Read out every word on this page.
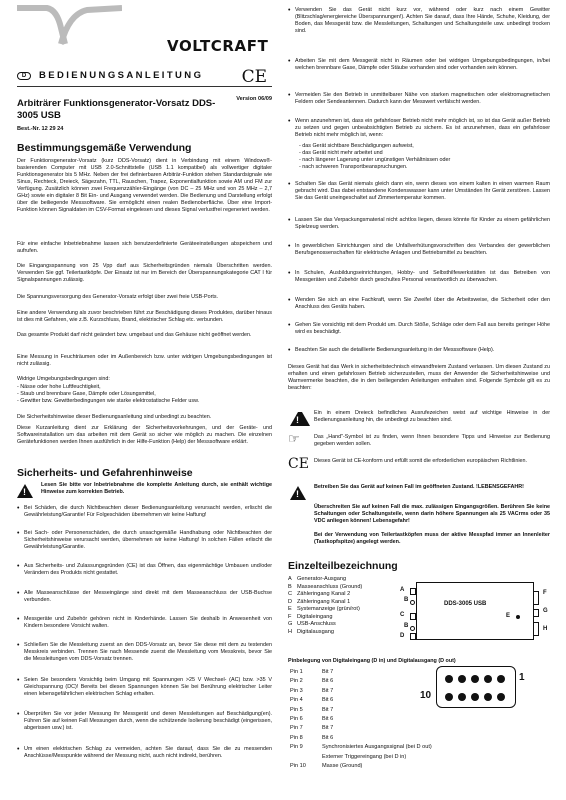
VOLTCRAFT
D	BEDIENUNGSANLEITUNG CE
Arbiträrer Funktionsgenerator-Vorsatz DDS-3005 USB
Version 06/09
Best.-Nr. 12 29 24
Bestimmungsgemäße Verwendung

Der Funktionsgenerator-Vorsatz (kurz DDS-Vorsatz) dient in Verbindung mit einem Windows®-basierenden Computer mit USB 2.0-Schnittstelle (USB 1.1 kompatibel) als vollwertiger digitaler Funktionsgenerator bis 5 MHz. Neben der frei definierbaren Arbiträr-Funktion stehen Standardsignale wie Sinus, Rechteck, Dreieck, Sägezahn, TTL, Rauschen, Trapez, Exponentialfunktion sowie AM und FM zur Verfügung. Zusätzlich können zwei Frequenzzähler-Eingänge (von DC – 25 MHz und von 25 MHz – 2,7 GHz) sowie ein digitaler 8 Bit Ein- und Ausgang verwendet werden. Die Bedienung und Darstellung erfolgt über die beiliegende Messsoftware. Sie ermöglicht einen realen Bedienoberfläche. Über eine Import-Funktion können Signaldaten im CSV-Format eingelesen und dieses Signal verlustfrei regeneriert werden.

Für eine einfache Inbetriebnahme lassen sich benutzerdefinierte Geräteeinstellungen abspeichern und aufrufen.

Die Eingangsspannung von 25 Vpp darf aus Sicherheitsgründen niemals Überschritten werden. Verwenden Sie ggf. Teilertastköpfe. Der Einsatz ist nur im Bereich der Überspannungskategorie CAT I für Signalspannungen zulässig.

Die Spannungsversorgung des Generator-Vorsatz erfolgt über zwei freie USB-Ports.

Eine andere Verwendung als zuvor beschrieben führt zur Beschädigung dieses Produktes, darüber hinaus ist dies mit Gefahren, wie z.B. Kurzschluss, Brand, elektrischer Schlag etc. verbunden.

Das gesamte Produkt darf nicht geändert bzw. umgebaut und das Gehäuse nicht geöffnet werden.

Eine Messung in Feuchträumen oder im Außenbereich bzw. unter widrigen Umgebungsbedingungen ist nicht zulässig.

Widrige Umgebungsbedingungen sind:

- Nässe oder hohe Luftfeuchtigkeit,

- Staub und brennbare Gase, Dämpfe oder Lösungsmittel,

- Gewitter bzw. Gewitterbedingungen wie starke elektrostatische Felder usw.

Die Sicherheitshinweise dieser Bedienungsanleitung sind unbedingt zu beachten.

Diese Kurzanleitung dient zur Erklärung der Sicherheitsvorkehrungen, und der Geräte- und Softwareinstallation um das arbeiten mit dem Gerät so sicher wie möglich zu machen. Die einzelnen Gerätefunktionen werden Ihnen ausführlich in der Hilfe-Funktion (Help) der Messsoftware erklärt.

Sicherheits- und Gefahrenhinweise
!

Lesen Sie bitte vor Inbetriebnahme die komplette Anleitung durch, sie enthält wichtige Hinweise zum korrekten Betrieb.

• Bei Schäden, die durch Nichtbeachten dieser Bedienungsanleitung verursacht werden, erlischt die Gewährleistung/Garantie! Für Folgeschäden übernehmen wir keine Haftung!

• Bei Sach- oder Personenschäden, die durch unsachgemäße Handhabung oder Nichtbeachten der Sicherheitshinweise verursacht werden, übernehmen wir keine Haftung! In solchen Fällen erlischt die Gewährleistung/Garantie.

• Aus Sicherheits- und Zulassungsgründen (CE) ist das Öffnen, das eigenmächtige Umbauen und/oder Verändern des Produkts nicht gestattet.

• Alle Masseanschlüsse der Messeingänge sind direkt mit dem Masseanschluss der USB-Buchse verbunden.

• Messgeräte und Zubehör gehören nicht in Kinderhände. Lassen Sie deshalb in Anwesenheit von Kindern besondere Vorsicht walten.

• Schließen Sie die Messleitung zuerst an den DDS-Vorsatz an, bevor Sie diese mit dem zu testenden Messkreis verbinden. Trennen Sie nach Messende zuerst die Messleitung vom Messkreis, bevor Sie die Messleitungen vom DDS-Vorsatz trennen.

• Seien Sie besonders Vorsichtig beim Umgang mit Spannungen >25 V Wechsel- (AC) bzw. >35 V Gleichspannung (DC)! Bereits bei diesen Spannungen können Sie bei Berührung elektrischer Leiter einen lebensgefährlichen elektrischen Schlag erhalten.

• Überprüfen Sie vor jeder Messung Ihr Messgerät und deren Messleitungen auf Beschädigung(en). Führen Sie auf keinen Fall Messungen durch, wenn die schützende Isolierung beschädigt (eingerissen, abgerissen usw.) ist.

• Um einen elektrischen Schlag zu vermeiden, achten Sie darauf, dass Sie die zu messenden Anschlüsse/Messpunkte während der Messung nicht, auch nicht indirekt, berühren.

• Verwenden Sie das Gerät nicht kurz vor, während oder kurz nach einem Gewitter (Blitzschlag/energiereiche Überspannungen!). Achten Sie darauf, dass Ihre Hände, Schuhe, Kleidung, der Boden, das Messgerät bzw. die Messleitungen, Schaltungen und Schaltungsteile usw. unbedingt trocken sind.

• Arbeiten Sie mit dem Messgerät nicht in Räumen oder bei widrigen Umgebungsbedingungen, in/bei welchen brennbare Gase, Dämpfe oder Stäube vorhanden sind oder vorhanden sein können.

• Vermeiden Sie den Betrieb in unmittelbarer Nähe von starken magnetischen oder elektromagnetischen Feldern oder Sendeantennen. Dadurch kann der Messwert verfälscht werden.

• Wenn anzunehmen ist, dass ein gefahrloser Betrieb nicht mehr möglich ist, so ist das Gerät außer Betrieb zu setzen und gegen unbeabsichtigten Betrieb zu sichern. Es ist anzunehmen, dass ein gefahrloser Betrieb nicht mehr möglich ist, wenn:

- das Gerät sichtbare Beschädigungen aufweist,

- das Gerät nicht mehr arbeitet und

- nach längerer Lagerung unter ungünstigen Verhältnissen oder

- nach schweren Transportbeanspruchungen.

• Schalten Sie das Gerät niemals gleich dann ein, wenn dieses von einem kalten in einen warmen Raum gebracht wird. Das dabei entstandene Kondenswasser kann unter Umständen Ihr Gerät zerstören. Lassen Sie das Gerät uneingeschaltet auf Zimmertemperatur kommen.

• Lassen Sie das Verpackungsmaterial nicht achtlos liegen, dieses könnte für Kinder zu einem gefährlichen Spielzeug werden.

• In gewerblichen Einrichtungen sind die Unfallverhütungsvorschriften des Verbandes der gewerblichen Berufsgenossenschaften für elektrische Anlagen und Betriebsmittel zu beachten.

• In Schulen, Ausbildungseinrichtungen, Hobby- und Selbsthilfewerkstätten ist das Betreiben von Messgeräten und Zubehör durch geschultes Personal verantwortlich zu überwachen.

• Wenden Sie sich an eine Fachkraft, wenn Sie Zweifel über die Arbeitsweise, die Sicherheit oder den Anschluss des Geräts haben.

• Gehen Sie vorsichtig mit dem Produkt um. Durch Stöße, Schläge oder dem Fall aus bereits geringer Höhe wird es beschädigt.

• Beachten Sie auch die detaillierte Bedienungsanleitung in der Messsoftware (Help).

Dieses Gerät hat das Werk in sicherheitstechnisch einwandfreiem Zustand verlassen. Um diesen Zustand zu erhalten und einen gefahrlosen Betrieb sicherzustellen, muss der Anwender die Sicherheitshinweise und Warnvermerke beachten, die in den beiliegenden Anleitungen enthalten sind. Folgende Symbole gilt es zu beachten:

!

Ein in einem Dreieck befindliches Ausrufezeichen weist auf wichtige Hinweise in der Bedienungsanleitung hin, die unbedingt zu beachten sind.

☞	Das „Hand"-Symbol ist zu finden, wenn Ihnen besondere Tipps und Hinweise zur Bedienung gegeben werden sollen.

CE Dieses Gerät ist CE-konform und erfüllt somit die erforderlichen europäischen Richtlinien.

!

Betreiben Sie das Gerät auf keinen Fall im geöffneten Zustand. !LEBENSGEFAHR!

Überschreiten Sie auf keinen Fall die max. zulässigen Eingangsgrößen. Berühren Sie keine Schaltungen oder Schaltungsteile, wenn darin höhere Spannungen als 25 VACrms oder 35 VDC anliegen können! Lebensgefahr!

Bei der Verwendung von Teilertastköpfen muss der aktive Messpfad immer an Innenleiter (Tastkopfspitze) angelegt werden.

Einzelteilbezeichnung
A Generator-Ausgang
B Masseanschluss (Ground)
C Zähleringang Kanal 2
D Zähleringang Kanal 1
E Systemanzeige (grün/rot)
F Digitaleingang
G USB-Anschluss
H Digitalausgang
DDS-3005 USB
A
B
C
B
D
E
F
G
H

Pinbelegung von Digitaleingang (D in) und Digitalausgang (D out)

Pin 1	Bit 7
Pin 2	Bit 6
Pin 3	Bit 7
Pin 4	Bit 6
Pin 5	Bit 7
Pin 6	Bit 6
Pin 7	Bit 7
Pin 8	Bit 6
Pin 9	Synchronisiertes Ausgangssignal (bei D out)
	Externer Triggereingang (bei D in)
Pin 10	Masse (Ground)
1
10
